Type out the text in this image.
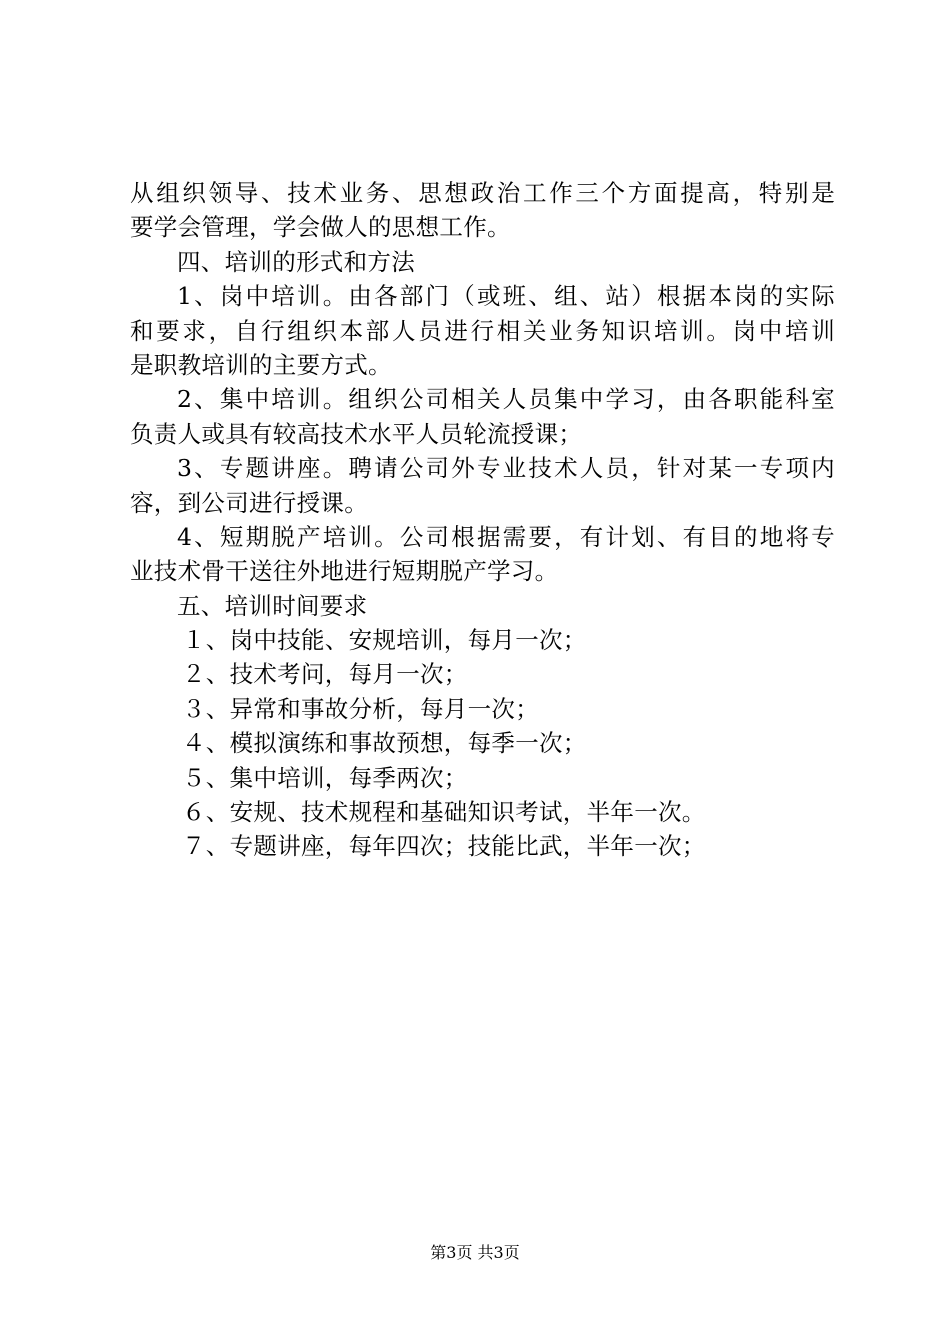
从组织领导、技术业务、思想政治工作三个方面提高，特别是
要学会管理，学会做人的思想工作。
四、培训的形式和方法
1、岗中培训。由各部门（或班、组、站）根据本岗的实际
和要求，自行组织本部人员进行相关业务知识培训。岗中培训
是职教培训的主要方式。
2、集中培训。组织公司相关人员集中学习，由各职能科室
负责人或具有较高技术水平人员轮流授课；
3、专题讲座。聘请公司外专业技术人员，针对某一专项内
容，到公司进行授课。
4、短期脱产培训。公司根据需要，有计划、有目的地将专
业技术骨干送往外地进行短期脱产学习。
五、培训时间要求
１、岗中技能、安规培训，每月一次；
２、技术考问，每月一次；
３、异常和事故分析，每月一次；
４、模拟演练和事故预想，每季一次；
５、集中培训，每季两次；
６、安规、技术规程和基础知识考试，半年一次。
７、专题讲座，每年四次；技能比武，半年一次；
第3页 共3页
